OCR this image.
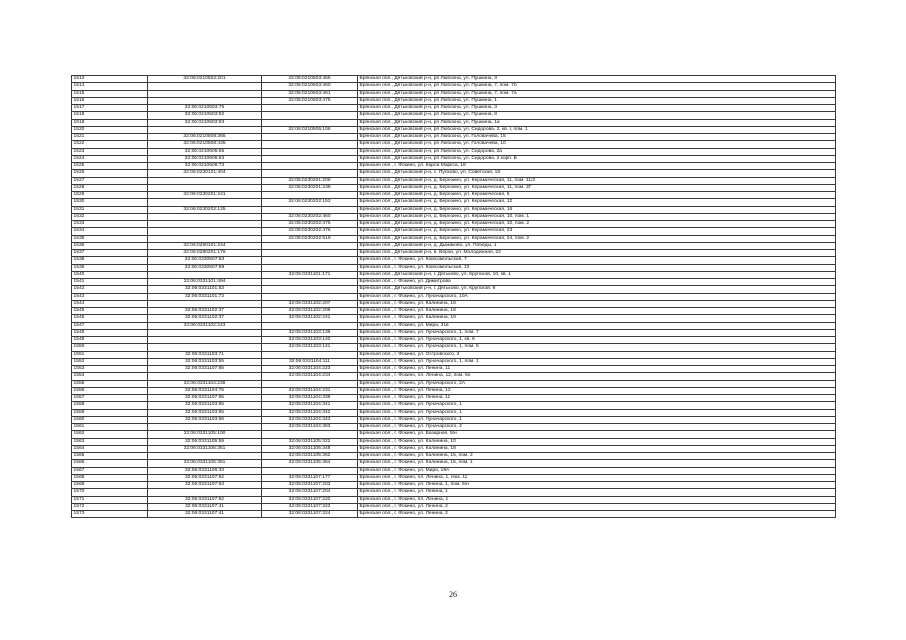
1513	32:06:0210502:201	32:06:0210503:455	Брянская обл., Дятьковский р-н, рп Любохна, ул. Пушкина, 3
1514		32:06:0210503:460	Брянская обл., Дятьковский р-н, рп Любохна, ул. Пушкина, 7, пом. 7б
1515		32:06:0210503:461	Брянская обл., Дятьковский р-н, рп Любохна, ул. Пушкина, 7, пом. 7а
1516		32:06:0210503:475	Брянская обл., Дятьковский р-н, рп Любохна, ул. Пушкина, 1
1517	32:06:0210503:75		Брянская обл., Дятьковский р-н, рп Любохна, ул. Пушкина, 3
1518	32:06:0210503:92		Брянская обл., Дятьковский р-н, рп Любохна, ул. Пушкина, 8
1519	32:06:0210503:93		Брянская обл., Дятьковский р-н, рп Любохна, ул. Пушкина, 1а
1520		32:06:0210505:106	Брянская обл., Дятьковский р-н, рп Любохна, ул. Сидорова, 2, кв. I, пом. 1
1521	32:06:0210508:365		Брянская обл., Дятьковский р-н, рп Любохна, ул. Головачева, 15
1522	32:06:0210508:435		Брянская обл., Дятьковский р-н, рп Любохна, ул. Головачева, 10
1523	32:06:0210605:65		Брянская обл., Дятьковский р-н, рп Любохна, ул. Сидорова, 2а
1524	32:06:0210606:63		Брянская обл., Дятьковский р-н, рп Любохна, ул. Сидорова, 2 корп. Б
1525	32:06:0210608:73		Брянская обл., г. Фокино, ул. Карла Маркса, 18
1526	32:06:0230101:404		Брянская обл., Дятьковский р-н, с. Пупково, ул. Советская, 18
1527		32:06:0230201:208	Брянская обл., Дятьковский р-н, д. Березино, ул. Керамическая, 11, пом. 11/2
1528		32:06:0230201:238	Брянская обл., Дятьковский р-н, д. Березино, ул. Керамическая, 11, пом. 3Г
1529	32:06:0230201:241		Брянская обл., Дятьковский р-н, д. Березино, ул. Керамическая, 5
1530		32:06:0230202:152	Брянская обл., Дятьковский р-н, д. Березино, ул. Керамическая, 12
1531	32:06:0230202:135		Брянская обл., Дятьковский р-н, д. Березино, ул. Керамическая, 16
1532		32:06:0230202:460	Брянская обл., Дятьковский р-н, д. Березино, ул. Керамическая, 10, пом. 1
1533		32:06:0230202:475	Брянская обл., Дятьковский р-н, д. Березино, ул. Керамическая, 10, пом. 2
1534		32:06:0230202:476	Брянская обл., Дятьковский р-н, д. Березино, ул. Керамическая, 23
1535		32:06:0230202:519	Брянская обл., Дятьковский р-н, д. Березино, ул. Керамическая, 24, пом. 2
1536	32:06:0260101:244		Брянская обл., Дятьковский р-н, д. Дымаково, ул. Победы, 1
1537	32:06:0280201:176		Брянская обл., Дятьковский р-н, в. Верхи, ул. Молодежная, 22
1538	32:06:0330507:83		Брянская обл., г. Фокино, ул. Комсомольская, 7
1539	32:06:0330507:89		Брянская обл., г. Фокино, ул. Комсомольская, 10
1540		32:06:0331101:171	Брянская обл., Дятьковский р-н, г. Дятьково, ул. Крупской, 10, кв. 1
1541	32:06:0331101:494		Брянская обл., г. Фокино, ул. Димитрова
1542	32:06:0331101:53		Брянская обл., Дятьковский р-н, г. Дятьково, ул. Крупской, 8
1543	32:06:0331101:73		Брянская обл., г. Фокино, ул. Луначарского, 10А
1544		32:06:0331102:207	Брянская обл., г. Фокино, ул. Калинина, 18
1545	32:06:0331102:37	32:06:0331102:208	Брянская обл., г. Фокино, ул. Калинина, 18
1546	32:06:0331102:37	32:06:0331102:241	Брянская обл., г. Фокино, ул. Калинина, 18
1547	32:06:0331102:243		Брянская обл., г. Фокино, ул. Мира, 31в
1548		32:06:0331103:139	Брянская обл., г. Фокино, ул. Луначарского, 1, пом. 7
1549		32:06:0331103:140	Брянская обл., г. Фокино, ул. Луначарского, 1, кв. 6
1550		32:06:0331103:141	Брянская обл., г. Фокино, ул. Луначарского, 1, пом. 5
1551	32:06:0331103:71		Брянская обл., г. Фокино, ул. Островского, 3
1552	32:06:0331103:55	32:06:0331104:111	Брянская обл., г. Фокино, ул. Луначарского, 1, пом. 1
1553	32:06:0331107:65	32:06:0331104:223	Брянская обл., г. Фокино, ул. Ленина, 11
1554		32:06:0331104:234	Брянская обл., г. Фокино, пл. Ленина, 12, пом. 5н
1555	32:06:0331104:238		Брянская обл., г. Фокино, ул. Луначарского, 2А
1556	32:06:0331104:76	32:06:0331104:231	Брянская обл., г. Фокино, ул. Ленина, 12
1557	32:06:0331107:65	32:06:0331104:339	Брянская обл., г. Фокино, ул. Ленина, 11
1558	32:06:0331103:55	32:06:0331104:341	Брянская обл., г. Фокино, ул. Луначарского, 1
1559	32:06:0331103:55	32:06:0331104:342	Брянская обл., г. Фокино, ул. Луначарского, 1
1560	32:06:0331103:55	32:06:0331104:343	Брянская обл., г. Фокино, ул. Луначарского, 1
1561		32:06:0331104:363	Брянская обл., г. Фокино, ул. Луначарского, 2
1562	32:06:0331105:100		Брянская обл., г. Фокино, ул. Базарная, 5/н
1563	32:06:0331105:59	32:06:0331105:322	Брянская обл., г. Фокино, ул. Калинина, 10
1564	32:06:0331105:351	32:06:0331105:348	Брянская обл., г. Фокино, ул. Калинина, 18
1565		32:06:0331105:362	Брянская обл., г. Фокино, ул. Калинина, 15, пом. 2
1566	32:06:0331105:351	32:06:0331105:364	Брянская обл., г. Фокино, ул. Калинина, 15, пом. 1
1567	32:06:0331106:33		Брянская обл., г. Фокино, ул. Мира, 19А
1568	32:06:0331107:62	32:06:0331107:177	Брянская обл., г. Фокино, пл. Ленина, 1, пом. 11
1569	32:06:0331107:63	32:06:0331107:203	Брянская обл., г. Фокино, ул. Ленина, 1, пом. 5/н
1570		32:06:0331107:204	Брянская обл., г. Фокино, ул. Ленина, 1
1571	32:06:0331107:62	32:06:0331107:220	Брянская обл., г. Фокино, пл. Ленина, 1
1572	32:06:0331107:41	32:06:0331107:323	Брянская обл., г. Фокино, ул. Ленина, 2
1573	32:06:0331107:41	32:06:0331107:324	Брянская обл., г. Фокино, ул. Ленина, 2
26
